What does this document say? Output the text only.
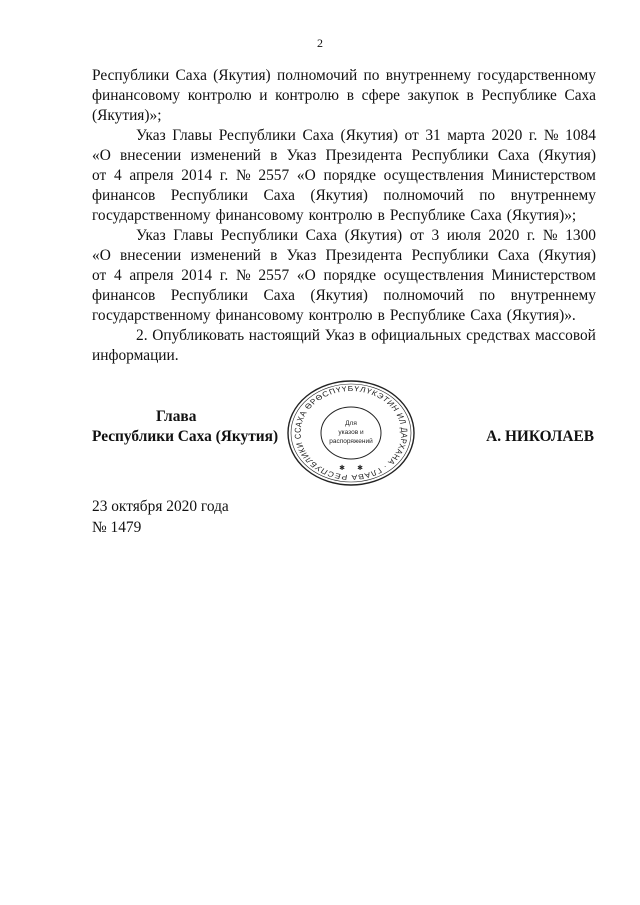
2
Республики Саха (Якутия) полномочий по внутреннему государственному
финансовому контролю и контролю в сфере закупок в Республике Саха
(Якутия)»;
Указ Главы Республики Саха (Якутия) от 31 марта 2020 г. № 1084
«О внесении изменений в Указ Президента Республики Саха (Якутия)
от 4 апреля 2014 г. № 2557 «О порядке осуществления Министерством
финансов Республики Саха (Якутия) полномочий по внутреннему
государственному финансовому контролю в Республике Саха (Якутия)»;
Указ Главы Республики Саха (Якутия) от 3 июля 2020 г. № 1300
«О внесении изменений в Указ Президента Республики Саха (Якутия)
от 4 апреля 2014 г. № 2557 «О порядке осуществления Министерством
финансов Республики Саха (Якутия) полномочий по внутреннему
государственному финансовому контролю в Республике Саха (Якутия)».
2. Опубликовать настоящий Указ в официальных средствах массовой
информации.
Глава
Республики Саха (Якутия)	САХА ӨРӨСПҮҮБҮЛҮКЭТИН ИЛ ДАРХАНА · ГЛАВА РЕСПУБЛИКИ С
Для
указов и
распоряжений
✱ ✱
А. НИКОЛАЕВ
23 октября 2020 года
№ 1479
